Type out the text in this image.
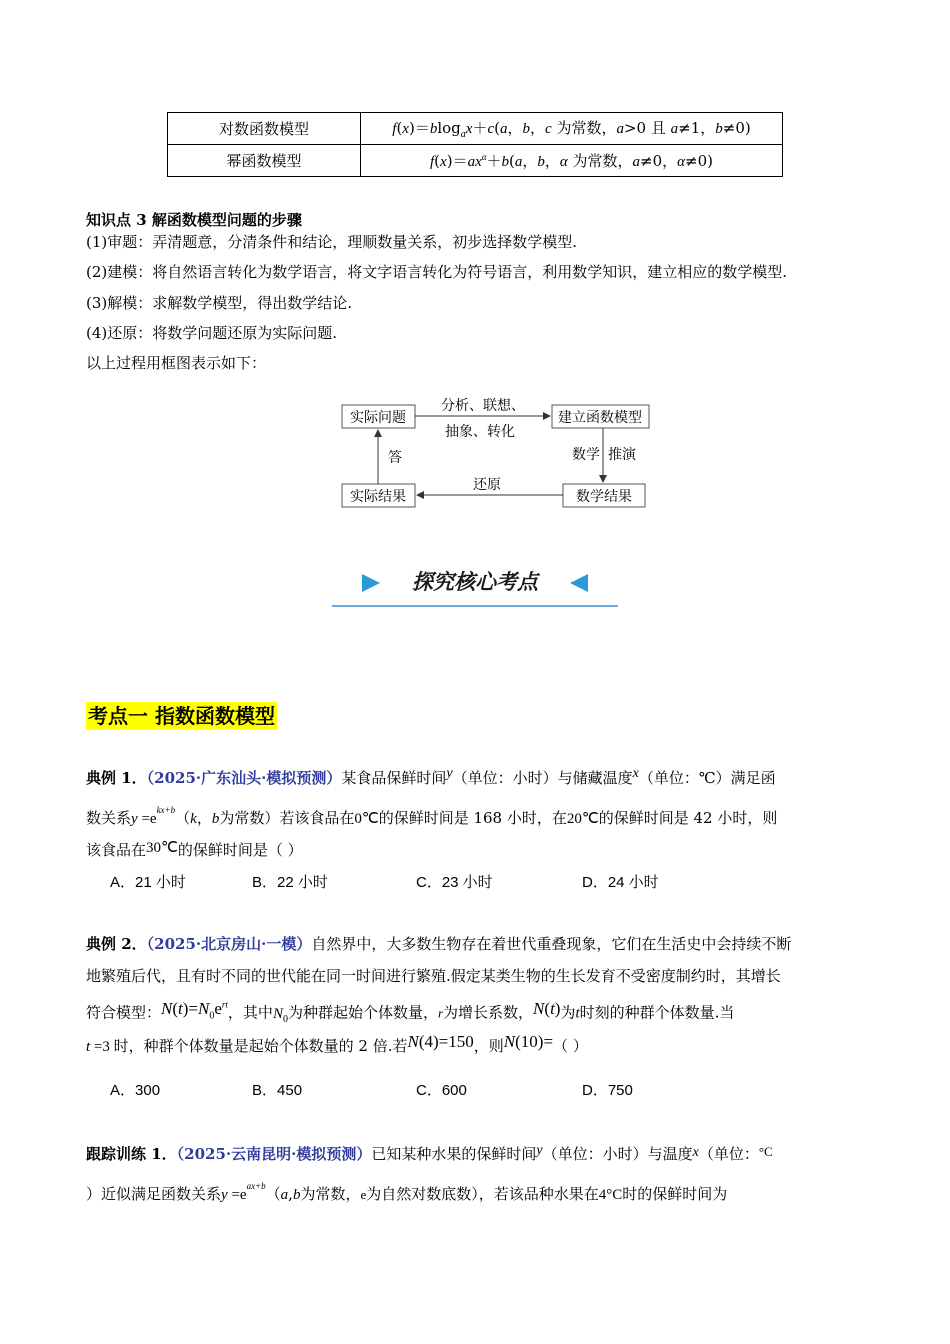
对数函数模型	f(x)＝blog$_a$x＋c(a，b，c 为常数，a>0 且 a≠1，b≠0)
幂函数模型	$f(x)=ax^\alpha+b(a$，b，α 为常数，a≠0，α≠0)
知识点 3 解函数模型问题的步骤
(1)审题：弄清题意，分清条件和结论，理顺数量关系，初步选择数学模型.
(2)建模：将自然语言转化为数学语言，将文字语言转化为符号语言，利用数学知识，建立相应的数学模型.
(3)解模：求解数学模型，得出数学结论.
(4)还原：将数学问题还原为实际问题.
以上过程用框图表示如下：
实际问题	建立函数模型
实际结果	数学结果
分析、联想、
抽象、转化
数学 推演
还原
答
探究核心考点
考点一 指数函数模型
典例 1．（2025·广东汕头·模拟预测）某食品保鲜时间y（单位：小时）与储藏温度x（单位：℃）满足函
数关系$y =e^{kx+b}(k$，b为常数）若该食品在0℃的保鲜时间是 168 小时，在20℃的保鲜时间是 42 小时，则
该食品在30℃的保鲜时间是（ ）
A．21 小时	B．22 小时	C．23 小时	D．24 小时
典例 2．（2025·北京房山·一模）自然界中，大多数生物存在着世代重叠现象，它们在生活史中会持续不断
地繁殖后代，且有时不同的世代能在同一时间进行繁殖.假定某类生物的生长发育不受密度制约时，其增长
符合模型：$N(t)=N_0e^{rt}$，其中$N_0$为种群起始个体数量，r为增长系数，N(t)为t时刻的种群个体数量.当
t =3 时，种群个体数量是起始个体数量的 2 倍.若N(4)=150，则N(10)=（ ）
A．300	B．450	C．600	D．750
跟踪训练 1．（2025·云南昆明·模拟预测）已知某种水果的保鲜时间y（单位：小时）与温度x（单位：°C
）近似满足函数关系$y =e^{ax+b}(a,b$为常数，e为自然对数底数），若该品种水果在4°C时的保鲜时间为
